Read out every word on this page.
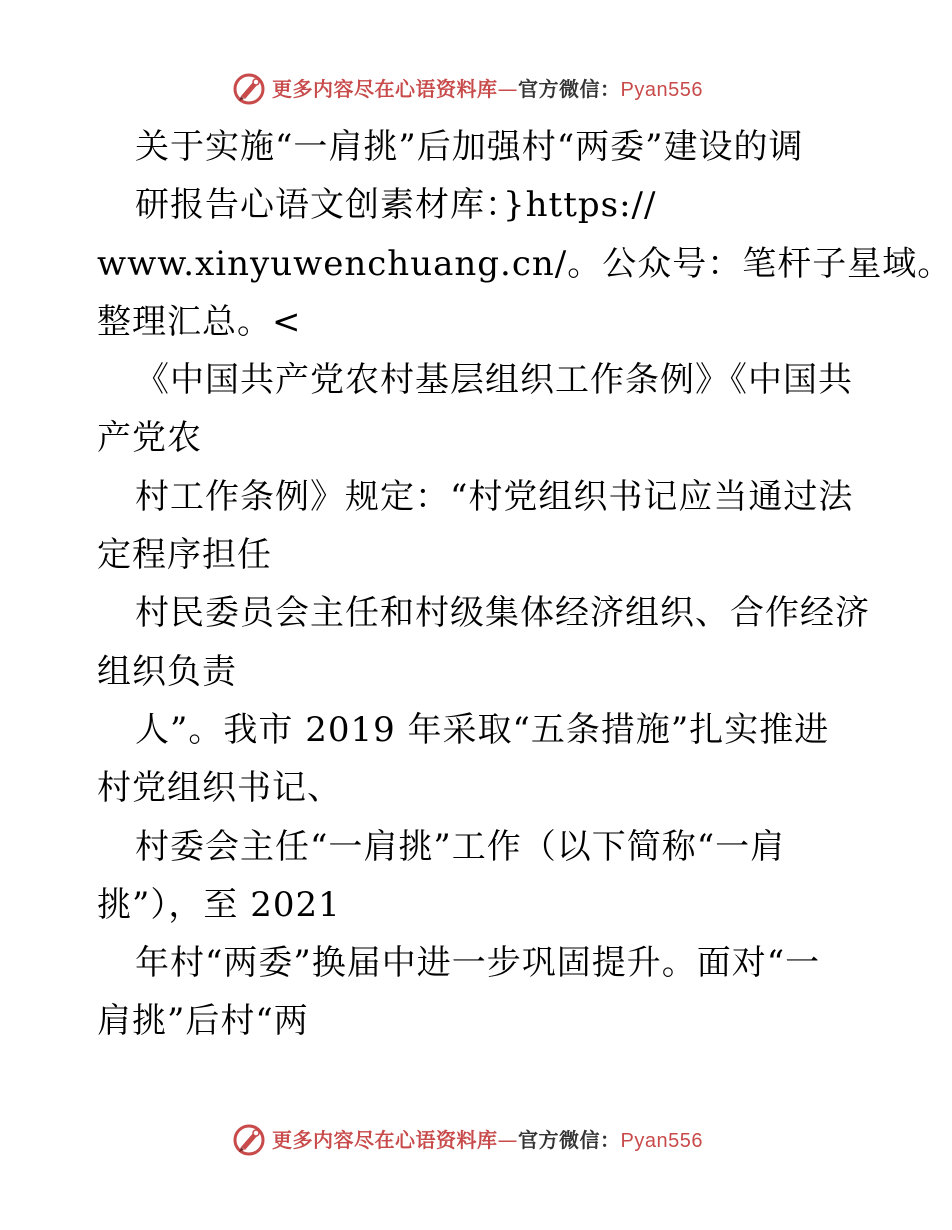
更多内容尽在心语资料库—官方微信：Pyan556
关于实施“一肩挑”后加强村“两委”建设的调
研报告心语文创素材库：}https://
www.xinyuwenchuang.cn/。公众号：笔杆子星域。
整理汇总。<
《中国共产党农村基层组织工作条例》《中国共
产党农
村工作条例》规定：“村党组织书记应当通过法
定程序担任
村民委员会主任和村级集体经济组织、合作经济
组织负责
人”。我市 2019 年采取“五条措施”扎实推进
村党组织书记、
村委会主任“一肩挑”工作（以下简称“一肩
挑”），至 2021
年村“两委”换届中进一步巩固提升。面对“一
肩挑”后村“两
更多内容尽在心语资料库—官方微信：Pyan556
